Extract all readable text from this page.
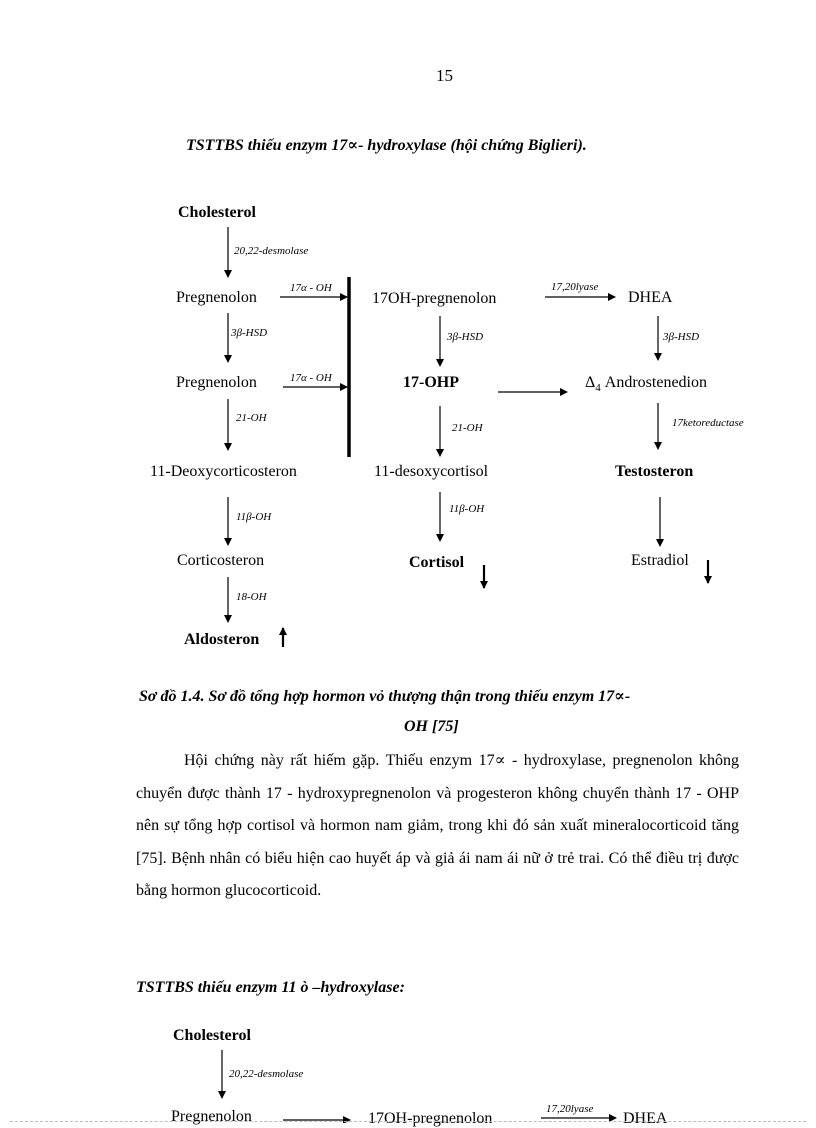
15
TSTTBS thiếu enzym 17∝- hydroxylase (hội chứng Biglieri).
Cholesterol
Pregnenolon
Pregnenolon
11-Deoxycorticosteron
Corticosteron
Aldosteron
17OH-pregnenolon
17-OHP
11-desoxycortisol
Cortisol
DHEA
$\Delta_4$ Androstenedion
Testosteron
Estradiol
20,22-desmolase
3β-HSD
21-OH
11β-OH
18-OH
17α - OH
17α - OH
3β-HSD
21-OH
11β-OH
17,20lyase
3β-HSD
17ketoreductase
Sơ đồ 1.4. Sơ đồ tổng hợp hormon vỏ thượng thận trong thiếu enzym 17∝-
OH [75]

Hội chứng này rất hiếm gặp. Thiếu enzym 17∝ - hydroxylase, pregnenolon không chuyển được thành 17 - hydroxypregnenolon và progesteron không chuyển thành 17 - OHP nên sự tổng hợp cortisol và hormon nam giảm, trong khi đó sản xuất mineralocorticoid tăng [75]. Bệnh nhân có biểu hiện cao huyết áp và giả ái nam ái nữ ở trẻ trai. Có thể điều trị được bằng hormon glucocorticoid.

TSTTBS thiếu enzym 11 ò –hydroxylase:
Cholesterol
20,22-desmolase
Pregnenolon	17OH-pregnenolon
17,20lyase
DHEA
